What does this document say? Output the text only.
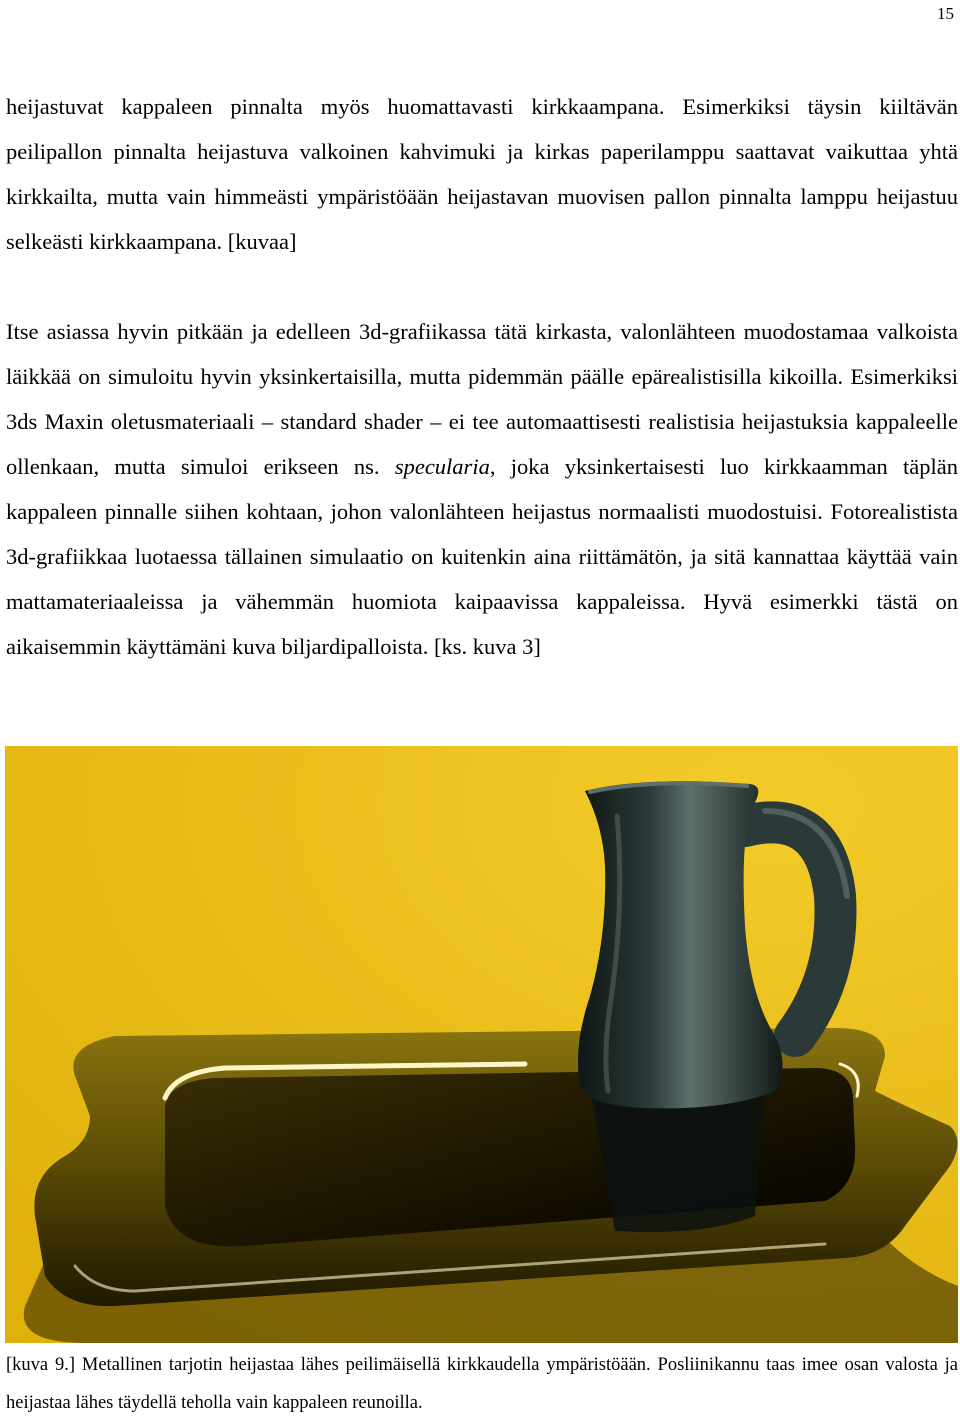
15

heijastuvat kappaleen pinnalta myös huomattavasti kirkkaampana. Esimerkiksi täysin kiiltävän peilipallon pinnalta heijastuva valkoinen kahvimuki ja kirkas paperilamppu saattavat vaikuttaa yhtä kirkkailta, mutta vain himmeästi ympäristöään heijastavan muovisen pallon pinnalta lamppu heijastuu selkeästi kirkkaampana. [kuvaa]

Itse asiassa hyvin pitkään ja edelleen 3d-grafiikassa tätä kirkasta, valonlähteen muodostamaa valkoista läikkää on simuloitu hyvin yksinkertaisilla, mutta pidemmän päälle epärealistisilla kikoilla. Esimerkiksi 3ds Maxin oletusmateriaali – standard shader – ei tee automaattisesti realistisia heijastuksia kappaleelle ollenkaan, mutta simuloi erikseen ns. specularia, joka yksinkertaisesti luo kirkkaamman täplän kappaleen pinnalle siihen kohtaan, johon valonlähteen heijastus normaalisti muodostuisi. Fotorealistista 3d-grafiikkaa luotaessa tällainen simulaatio on kuitenkin aina riittämätön, ja sitä kannattaa käyttää vain mattamateriaaleissa ja vähemmän huomiota kaipaavissa kappaleissa. Hyvä esimerkki tästä on aikaisemmin käyttämäni kuva biljardipalloista. [ks. kuva 3]

[kuva 9.] Metallinen tarjotin heijastaa lähes peilimäisellä kirkkaudella ympäristöään. Posliinikannu taas imee osan valosta ja heijastaa lähes täydellä teholla vain kappaleen reunoilla.
